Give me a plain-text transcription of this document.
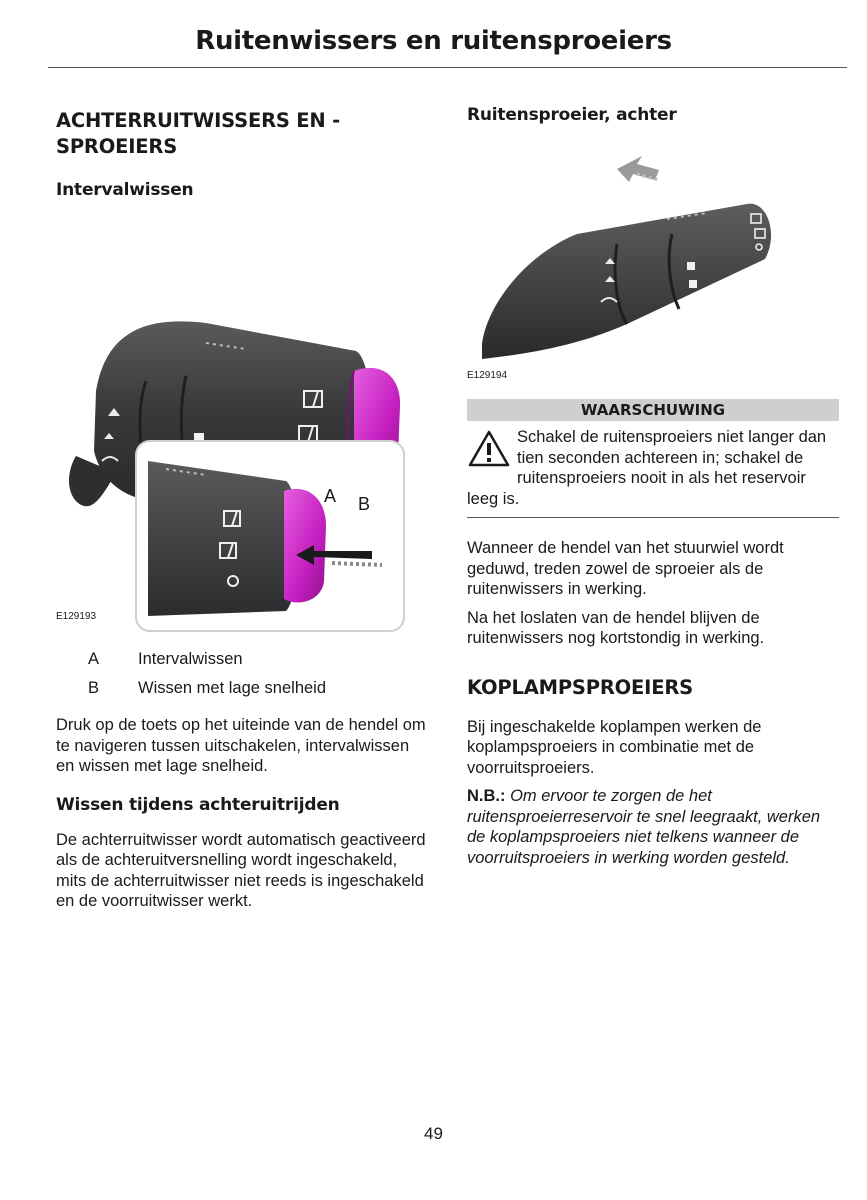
Ruitenwissers en ruitensproeiers
ACHTERRUITWISSERS EN -
SPROEIERS
Intervalwissen
A B

E129193

A	Intervalwissen
B	Wissen met lage snelheid

Druk op de toets op het uiteinde van de hendel om te navigeren tussen uitschakelen, intervalwissen en wissen met lage snelheid.

Wissen tijdens achteruitrijden

De achterruitwisser wordt automatisch geactiveerd als de achteruitversnelling wordt ingeschakeld, mits de achterruitwisser niet reeds is ingeschakeld en de voorruitwisser werkt.

Ruitensproeier, achter

E129194

WAARSCHUWING
Schakel de ruitensproeiers niet langer dan tien seconden achtereen in; schakel de ruitensproeiers nooit in als het reservoir leeg is.

Wanneer de hendel van het stuurwiel wordt geduwd, treden zowel de sproeier als de ruitenwissers in werking.

Na het loslaten van de hendel blijven de ruitenwissers nog kortstondig in werking.

KOPLAMPSPROEIERS

Bij ingeschakelde koplampen werken de koplampsproeiers in combinatie met de voorruitsproeiers.

N.B.: Om ervoor te zorgen de het ruitensproeierreservoir te snel leegraakt, werken de koplampsproeiers niet telkens wanneer de voorruitsproeiers in werking worden gesteld.

49
